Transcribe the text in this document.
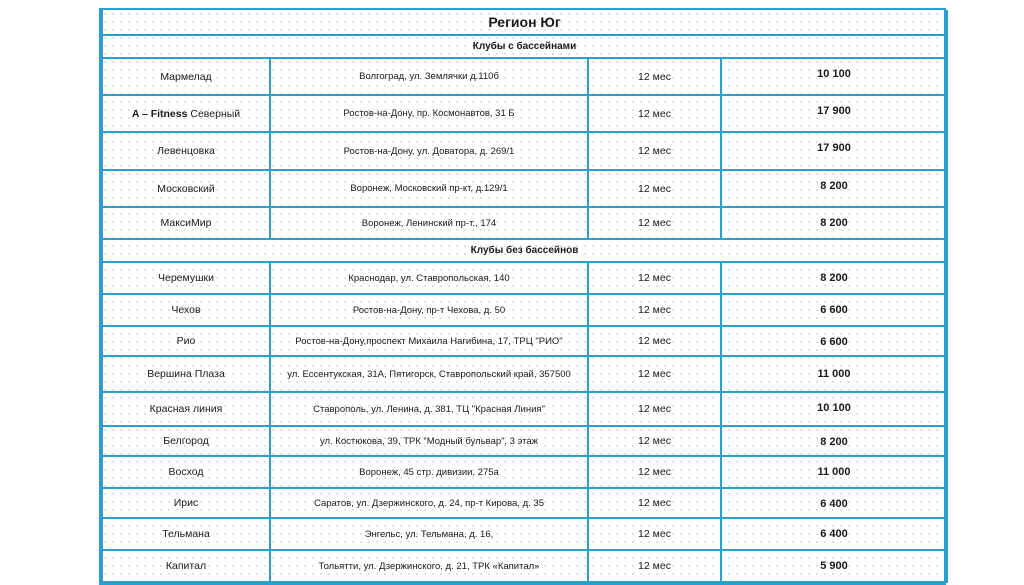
Регион Юг			
Клубы с бассейнами			
Мармелад	Волгоград, ул. Землячки д.110б	12 мес	10 100
A – Fitness Северный	Ростов-на-Дону, пр. Космонавтов, 31 Б	12 мес	17 900
Левенцовка	Ростов-на-Дону, ул. Доватора, д. 269/1	12 мес	17 900
Московский	Воронеж, Московский пр-кт, д.129/1	12 мес	8 200
МаксиМир	Воронеж, Ленинский пр-т., 174	12 мес	8 200
Клубы без бассейнов			
Черемушки	Краснодар, ул. Ставропольская, 140	12 мес	8 200
Чехов	Ростов-на-Дону, пр-т Чехова, д. 50	12 мес	6 600
Рио	Ростов-на-Дону,проспект Михаила Нагибина, 17, ТРЦ "РИО"	12 мес	6 600
Вершина Плаза	ул. Ессентукская, 31А, Пятигорск, Ставропольский край, 357500	12 мес	11 000
Красная линия	Ставрополь, ул. Ленина, д. 381, ТЦ "Красная Линия"	12 мес	10 100
Белгород	ул. Костюкова, 39, ТРК “Модный бульвар”, 3 этаж	12 мес	8 200
Восход	Воронеж, 45 стр. дивизии, 275а	12 мес	11 000
Ирис	Саратов, ул. Дзержинского, д. 24, пр-т Кирова, д. 35	12 мес	6 400
Тельмана	Энгельс, ул. Тельмана, д. 16,	12 мес	6 400
Капитал	Тольятти, ул. Дзержинского, д. 21, ТРК «Капитал»	12 мес	5 900
